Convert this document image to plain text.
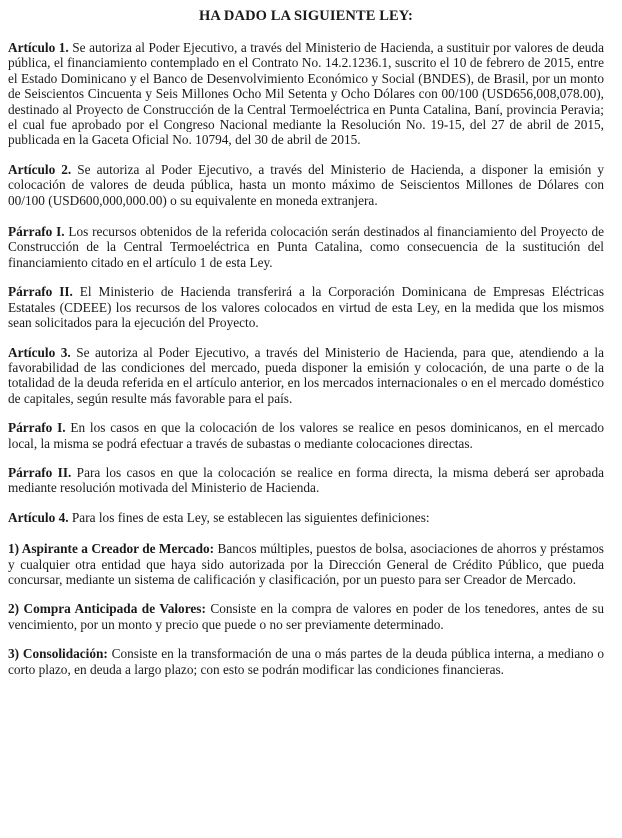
HA DADO LA SIGUIENTE LEY:

Artículo 1. Se autoriza al Poder Ejecutivo, a través del Ministerio de Hacienda, a sustituir por valores de deuda pública, el financiamiento contemplado en el Contrato No. 14.2.1236.1, suscrito el 10 de febrero de 2015, entre el Estado Dominicano y el Banco de Desenvolvimiento Económico y Social (BNDES), de Brasil, por un monto de Seiscientos Cincuenta y Seis Millones Ocho Mil Setenta y Ocho Dólares con 00/100 (USD656,008,078.00), destinado al Proyecto de Construcción de la Central Termoeléctrica en Punta Catalina, Baní, provincia Peravia; el cual fue aprobado por el Congreso Nacional mediante la Resolución No. 19-15, del 27 de abril de 2015, publicada en la Gaceta Oficial No. 10794, del 30 de abril de 2015.

Artículo 2. Se autoriza al Poder Ejecutivo, a través del Ministerio de Hacienda, a disponer la emisión y colocación de valores de deuda pública, hasta un monto máximo de Seiscientos Millones de Dólares con 00/100 (USD600,000,000.00) o su equivalente en moneda extranjera.

Párrafo I. Los recursos obtenidos de la referida colocación serán destinados al financiamiento del Proyecto de Construcción de la Central Termoeléctrica en Punta Catalina, como consecuencia de la sustitución del financiamiento citado en el artículo 1 de esta Ley.

Párrafo II. El Ministerio de Hacienda transferirá a la Corporación Dominicana de Empresas Eléctricas Estatales (CDEEE) los recursos de los valores colocados en virtud de esta Ley, en la medida que los mismos sean solicitados para la ejecución del Proyecto.

Artículo 3. Se autoriza al Poder Ejecutivo, a través del Ministerio de Hacienda, para que, atendiendo a la favorabilidad de las condiciones del mercado, pueda disponer la emisión y colocación, de una parte o de la totalidad de la deuda referida en el artículo anterior, en los mercados internacionales o en el mercado doméstico de capitales, según resulte más favorable para el país.

Párrafo I. En los casos en que la colocación de los valores se realice en pesos dominicanos, en el mercado local, la misma se podrá efectuar a través de subastas o mediante colocaciones directas.

Párrafo II. Para los casos en que la colocación se realice en forma directa, la misma deberá ser aprobada mediante resolución motivada del Ministerio de Hacienda.

Artículo 4. Para los fines de esta Ley, se establecen las siguientes definiciones:

1) Aspirante a Creador de Mercado: Bancos múltiples, puestos de bolsa, asociaciones de ahorros y préstamos y cualquier otra entidad que haya sido autorizada por la Dirección General de Crédito Público, que pueda concursar, mediante un sistema de calificación y clasificación, por un puesto para ser Creador de Mercado.

2) Compra Anticipada de Valores: Consiste en la compra de valores en poder de los tenedores, antes de su vencimiento, por un monto y precio que puede o no ser previamente determinado.

3) Consolidación: Consiste en la transformación de una o más partes de la deuda pública interna, a mediano o corto plazo, en deuda a largo plazo; con esto se podrán modificar las condiciones financieras.
